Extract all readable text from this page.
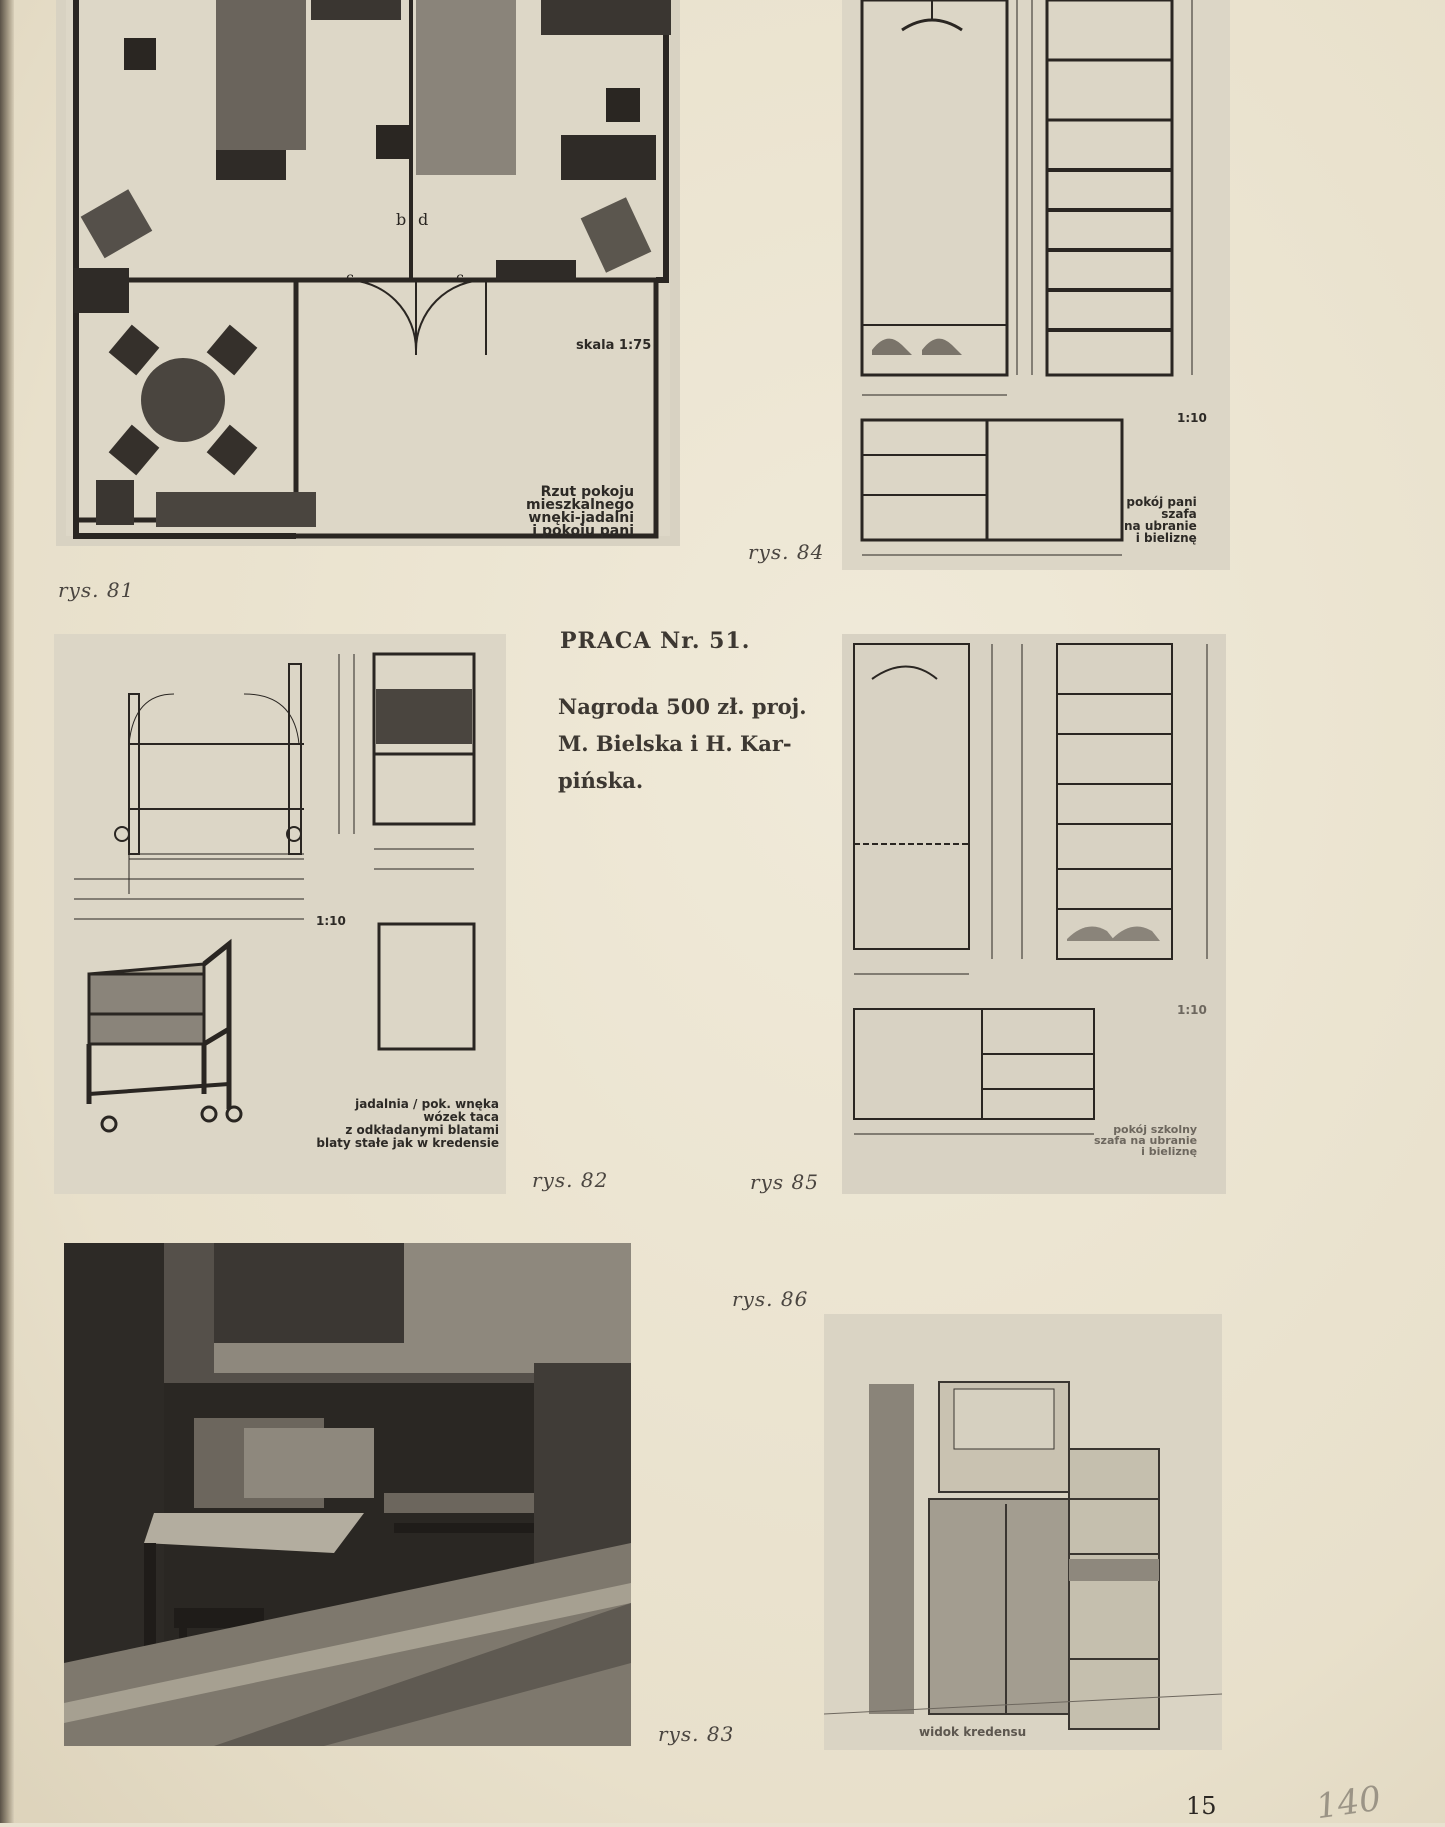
b d
c	c
skala 1:75
Rzut pokoju
mieszkalnego
wnęki-jadalni
i pokoju pani
rys. 81
1:10
pokój pani
szafa
na ubranie
i bieliznę
rys. 84
PRACA Nr. 51.
Nagroda 500 zł. proj.
M. Bielska i H. Kar-
pińska.
1:10
jadalnia / pok. wnęka
wózek taca
z odkładanymi blatami
blaty stałe jak w kredensie
rys. 82
1:10
pokój szkolny
szafa na ubranie
i bieliznę
rys 85
rys. 83
rys. 86
widok kredensu
15	140
